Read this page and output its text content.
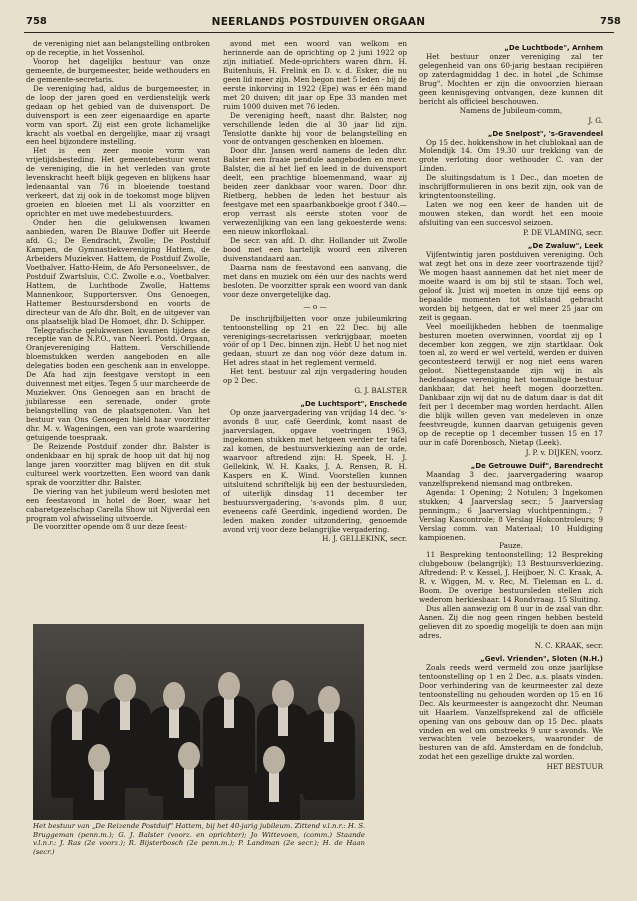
758	NEERLANDS POSTDUIVEN ORGAAN	758

de vereniging niet aan belangstelling ontbroken op de receptie, in het Vossenhol.

Voorop het dagelijks bestuur van onze gemeente, de burgemeester, beide wethouders en de gemeente-secretaris.

De vereniging had, aldus de burgemeester, in de loop der jaren goed en verdienstelijk werk gedaan op het gebied van de duivensport. De duivensport is een zeer eigenaardige en aparte vorm van sport. Zij eist een grote lichamelijke kracht als voetbal en dergelijke, maar zij vraagt een heel bijzondere instelling.

Het is een zeer mooie vorm van vrijetijdsbesteding. Het gemeentebestuur wenst de vereniging, die in het verleden van grote levenskracht heeft blijk gegeven en blijkens haar ledenaantal van 76 in bloeiende toestand verkeert, dat zij ook in de toekomst moge blijven groeien en bloeien met Ll als voorzitter en oprichter en met uwe medebestuurders.

Onder hen die gelukwensen kwamen aanbieden, waren De Blauwe Doffer uit Heerde afd. G.; De Eendracht, Zwolle; De Postduif Kampen, de Gymnastiekvereniging Hattem, de Arbeiders Muziekver. Hattem, de Postduif Zwolle, Voetbalver. Hatto-Heim, de Afo Personeelsver., de Postduif Zwartsluis, C.C. Zwolle e.o., Voetbalver. Hattem, de Luchtbode Zwolle, Hattems Mannenkoor, Supportersver. Ons Genoegen, Hattemer Bestuursdersbond en voorts de directeur van de Afo dhr. Bolt, en de uitgever van ons plaatselijk blad De Homoet, dhr. D. Schipper.

Telegrafische gelukwensen kwamen tijdens de receptie van de N.P.O., van Neerl. Postd. Orgaan, Oranjevereniging Hattem. Verschillende bloemstukken werden aangeboden en alle delegaties boden een geschenk aan in enveloppe. De Afa had zijn feestgave verstopt in een duivennest met eitjes. Tegen 5 uur marcheerde de Muziekver. Ons Genoegen aan en bracht de jubilaresse een serenade, onder grote belangstelling van de plaatsgenoten. Van het bestuur van Ons Genoegen hield haar voorzitter dhr. M. v. Wageningen, een van grote waardering getuigende toespraak.

De Reizende Postduif zonder dhr. Balster is ondenkbaar en hij sprak de hoop uit dat hij nog lange jaren voorzitter mag blijven en dit stuk cultureel werk voortzetten. Een woord van dank sprak de voorzitter dhr. Balster.

De viering van het jubileum werd besloten met een feestavond in hotel de Boer, waar het cabaretgezelschap Carella Show uit Nijverdal een program vol afwisseling uitvoerde.

De voorzitter opende om 8 uur deze feest-

avond met een woord van welkom en herinnerde aan de oprichting op 2 juni 1922 op zijn initiatief. Mede-oprichters waren dhrn. H. Buitenhuis, H. Frelink en D. v. d. Esker, die nu geen lid meer zijn. Men begon met 5 leden - bij de eerste inkorving in 1922 (Epe) was er één mand met 20 duiven; dit jaar op Epe 33 manden met ruim 1000 duiven met 76 leden.

De vereniging heeft, naast dhr. Balster, nog verschillende leden die al 30 jaar lid zijn. Tenslotte dankte hij voor de belangstelling en voor de ontvangen geschenken en bloemen.

Door dhr. Jansen werd namens de leden dhr. Balster een fraaie pendule aangeboden en mevr. Balster, die al het lief en leed in de duivensport deelt, een prachtige bloemenmand, waar zij beiden zeer dankbaar voor waren. Door dhr. Rietberg, hebben de leden het bestuur als feestgave met een spaarbankboekje groot f 340.— erop verrast als eerste stoten voor de verwezenlijking van een lang gekoesterde wens: een nieuw inkorflokaal.

De secr. van afd. D. dhr. Hollander uit Zwolle bood met een hartelijk woord een zilveren duivenstandaard aan.

Daarna nam de feestavond een aanvang, die met dans en muziek om één uur des nachts werd besloten. De voorzitter sprak een woord van dank voor deze onvergetelijke dag.

— o —

De inschrijfbiljetten voor onze jubileumkring tentoonstelling op 21 en 22 Dec. bij alle verenigings-secretarissen verkrijgbaar, moeten vóór of op 1 Dec. binnen zijn. Hebt U het nog niet gedaan, stuurt ze dan nog vóór deze datum in. Het adres staat in het reglement vermeld.

Het tent. bestuur zal zijn vergadering houden op 2 Dec.

G. J. BALSTER

„De Luchtsport", Enschede

Op onze jaarvergadering van vrijdag 14 dec. 's-avonds 8 uur, café Geerdink, komt naast de jaarverslagen, opgave voetringen 1963, ingekomen stukken met hetgeen verder ter tafel zal komen, de bestuursverkiezing aan de orde, waarvoor aftredend zijn: H. Speek, H. J. Gellekink, W. H. Kaaks, J. A. Rensen, R. H. Kaspers en K. Wind. Voorstellen kunnen uitsluitend schriftelijk bij een der bestuursleden, of uiterlijk dinsdag 11 december ter bestuursvergadering, 's-avonds plm. 8 uur, eveneens café Geerdink, ingediend worden. De leden maken zonder uitzondering, genoemde avond vrij voor deze belangrijke vergadering.

H. J. GELLEKINK, secr.

„De Luchtbode", Arnhem

Het bestuur onzer vereniging zal ter gelegenheid van ons 60-jarig bestaan recipiëren op zaterdagmiddag 1 dec. in hotel „de Schimse Brug". Mochten er zijn die onvoorzien hieraan geen kennisgeving ontvangen, deze kunnen dit bericht als officieel beschouwen.

Namens de Jubileum-comm,

J. G.

„De Snelpost", 's-Gravendeel

Op 15 dec. hokkenshow in het clublokaal aan de Molendijk 14. Om 19.30 uur trekking van de grote verloting door wethouder C. van der Linden.

De sluitingsdatum is 1 Dec., dan moeten de inschrijfformulieren in ons bezit zijn, ook van de kringtentoonstelling.

Laten we nog een keer de handen uit de mouwen steken, dan wordt het een mooie afsluiting van een succesvol seizoen.

P. DE VLAMING, secr.

„De Zwaluw", Leek

Vijfentwintig jaren postduiven vereniging. Och wat zegt het ons in deze zeer voortrazende tijd? We mogen haast aannemen dat het niet meer de moeite waard is om bij stil te staan. Toch wel, geloof ik. Juist wij moeten in onze tijd eens op bepaalde momenten tot stilstand gebracht worden bij hetgeen, dat er wel meer 25 jaar om zeit is gegaan.

Veel moeilijkheden hebben de toenmalige besturen moeten overwinnen, voordat zij op 1 december kon zeggen, we zijn startklaar. Ook toen al, zo werd er wel verteld, werden er duiven gecontesteerd terwijl er nog niet eens waren geloot. Niettegenstaande zijn wij in als hedendaagse vereniging het toenmalige bestuur dankbaar, dat het heeft mogen doorzetten. Dankbaar zijn wij dat nu de datum daar is dat dit feit per 1 december mag worden herdacht. Allen die blijk willen geven van medeleven in onze feestvreugde, kunnen daarvan getuigenis geven op de receptie op 1 december tussen 15 en 17 uur in café Dorenbosch, Nietap (Leek).

J. P. v. DIJKEN, voorz.

„De Getrouwe Duif", Barendrecht

Maandag 3 dec. jaarvergadering waarop vanzelfsprekend niemand mag ontbreken.

Agenda: 1 Opening; 2 Notulen; 3 Ingekomen stukken; 4 Jaarverslag secr.; 5 Jaarverslag penningm.; 6 Jaarverslag vluchtpenningm.; 7 Verslag Kascontrole; 8 Verslag Hokcontroleurs; 9 Verslag comm. van Materiaal; 10 Huldiging kampioenen.

Pauze.

11 Bespreking tentoonstelling; 12 Bespreking clubgebouw (belangrijk); 13 Bestuursverkiezing. Aftredend: P. v. Kessel, J. Heijboer, N. C. Kraak, A. R. v. Wiggen, M. v. Rec, M. Tieleman en L. d. Boom. De overige bestuursleden stellen zich wederom herkiesbaar. 14 Rondvraag. 15 Sluiting.

Dus allen aanwezig om 8 uur in de zaal van dhr. Aanen. Zij die nog geen ringen hebben besteld gelieven dit zo spoedig mogelijk te doen aan mijn adres.

N. C. KRAAK, secr.

„Gevl. Vrienden", Sloten (N.H.)

Zoals reeds werd vermeld zou onze jaarlijkse tentoonstelling op 1 en 2 Dec. a.s. plaats vinden. Door verhindering van de keurmeester zal deze tentoonstelling nu gehouden worden op 15 en 16 Dec. Als keurmeester is aangezocht dhr. Neuman uit Haarlem. Vanzelfsprekend zal de officiële opening van ons gebouw dan op 15 Dec. plaats vinden en wel om omstreeks 9 uur s-avonds. We verwachten vele bezoekers, waaronder de besturen van de afd. Amsterdam en de fondclub, zodat het een gezellige drukte zal worden.

HET BESTUUR

Het bestuur van „De Reizende Postduif" Hattem, bij het 40-jarig jubileum. Zittend v.l.n.r.: H. S. Bruggeman (penn.m.); G. J. Balster (voorz. en oprichter); Jo Wittevoen, (comm.) Staande v.l.n.r.: J. Ras (2e voorz.); R. Bijsterbosch (2e penn.m.); P. Landman (2e secr.); H. de Haan (secr.)
